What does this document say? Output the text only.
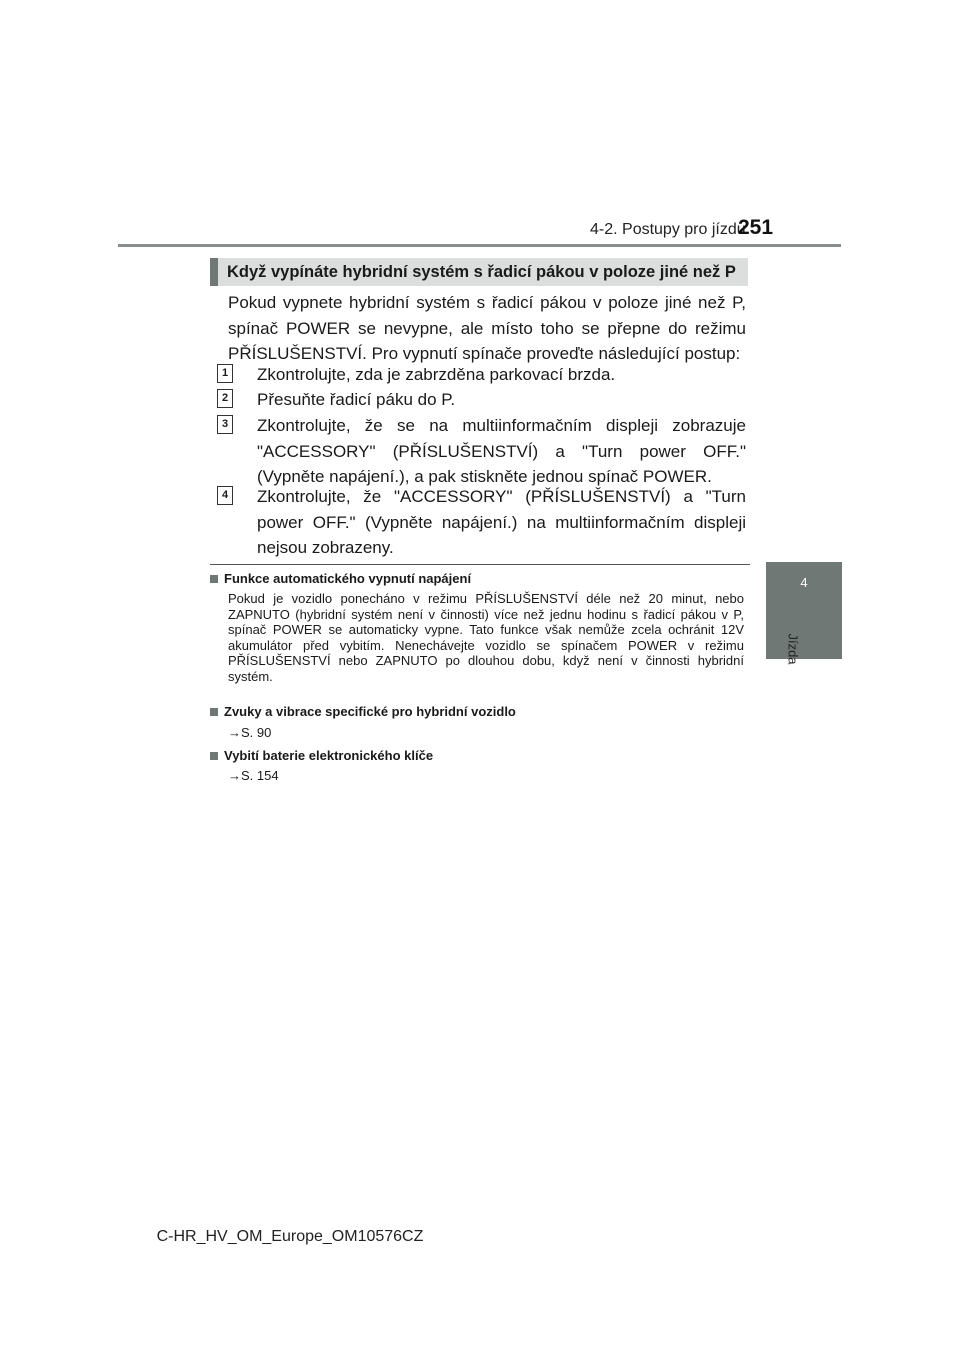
4-2. Postupy pro jízdu
251
4
Jízda
Když vypínáte hybridní systém s řadicí pákou v poloze jiné než P
Pokud vypnete hybridní systém s řadicí pákou v poloze jiné než P, spínač POWER se nevypne, ale místo toho se přepne do režimu PŘÍSLUŠENSTVÍ. Pro vypnutí spínače proveďte následující postup:
1 Zkontrolujte, zda je zabrzděna parkovací brzda.
2 Přesuňte řadicí páku do P.
3 Zkontrolujte, že se na multiinformačním displeji zobrazuje "ACCESSORY" (PŘÍSLUŠENSTVÍ) a "Turn power OFF." (Vypněte napájení.), a pak stiskněte jednou spínač POWER.
4 Zkontrolujte, že "ACCESSORY" (PŘÍSLUŠENSTVÍ) a "Turn power OFF." (Vypněte napájení.) na multiinformačním displeji nejsou zobrazeny.
Funkce automatického vypnutí napájení
Pokud je vozidlo ponecháno v režimu PŘÍSLUŠENSTVÍ déle než 20 minut, nebo ZAPNUTO (hybridní systém není v činnosti) více než jednu hodinu s řadicí pákou v P, spínač POWER se automaticky vypne. Tato funkce však nemůže zcela ochránit 12V akumulátor před vybitím. Nenechávejte vozidlo se spínačem POWER v režimu PŘÍSLUŠENSTVÍ nebo ZAPNUTO po dlouhou dobu, když není v činnosti hybridní systém.
Zvuky a vibrace specifické pro hybridní vozidlo
→S. 90
Vybití baterie elektronického klíče
→S. 154
C-HR_HV_OM_Europe_OM10576CZ
